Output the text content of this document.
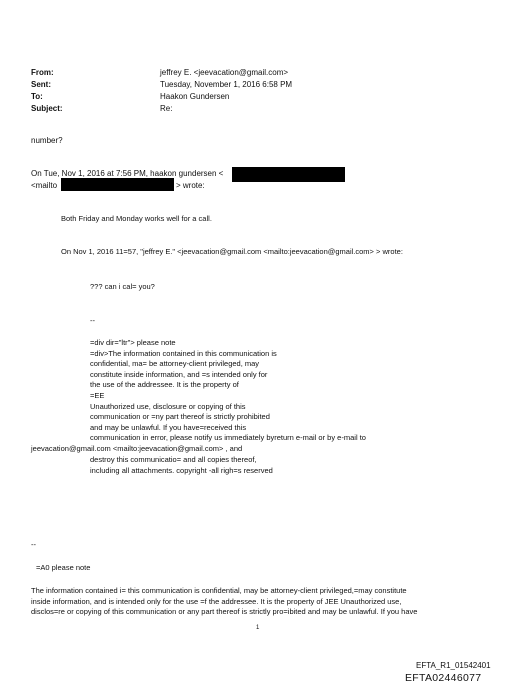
From:	jeffrey E. <jeevacation@gmail.com>
Sent:	Tuesday, November 1, 2016 6:58 PM
To:	Haakon Gundersen
Subject:	Re:
number?
On Tue, Nov 1, 2016 at 7:56 PM, haakon gundersen <
<mailto	> wrote:
Both Friday and Monday works well for a call.
On Nov 1, 2016 11=57, "jeffrey E." <jeevacation@gmail.com <mailto:jeevacation@gmail.com> > wrote:
??? can i cal= you?
--
=div dir="ltr"> please note
=div>The information contained in this communication is
confidential, ma= be attorney-client privileged, may
constitute inside information, and =s intended only for
the use of the addressee. It is the property of
=EE
Unauthorized use, disclosure or copying of this
communication or =ny part thereof is strictly prohibited
and may be unlawful. If you have=received this
communication in error, please notify us immediately byreturn e-mail or by e-mail to
jeevacation@gmail.com <mailto:jeevacation@gmail.com> , and
destroy this communicatio= and all copies thereof,
including all attachments. copyright -all righ=s reserved
--
=A0 please note
The information contained i= this communication is confidential, may be attorney-client privileged,=may constitute
inside information, and is intended only for the use =f the addressee. It is the property of JEE Unauthorized use,
disclos=re or copying of this communication or any part thereof is strictly pro=ibited and may be unlawful. If you have
1
EFTA_R1_01542401
EFTA02446077
